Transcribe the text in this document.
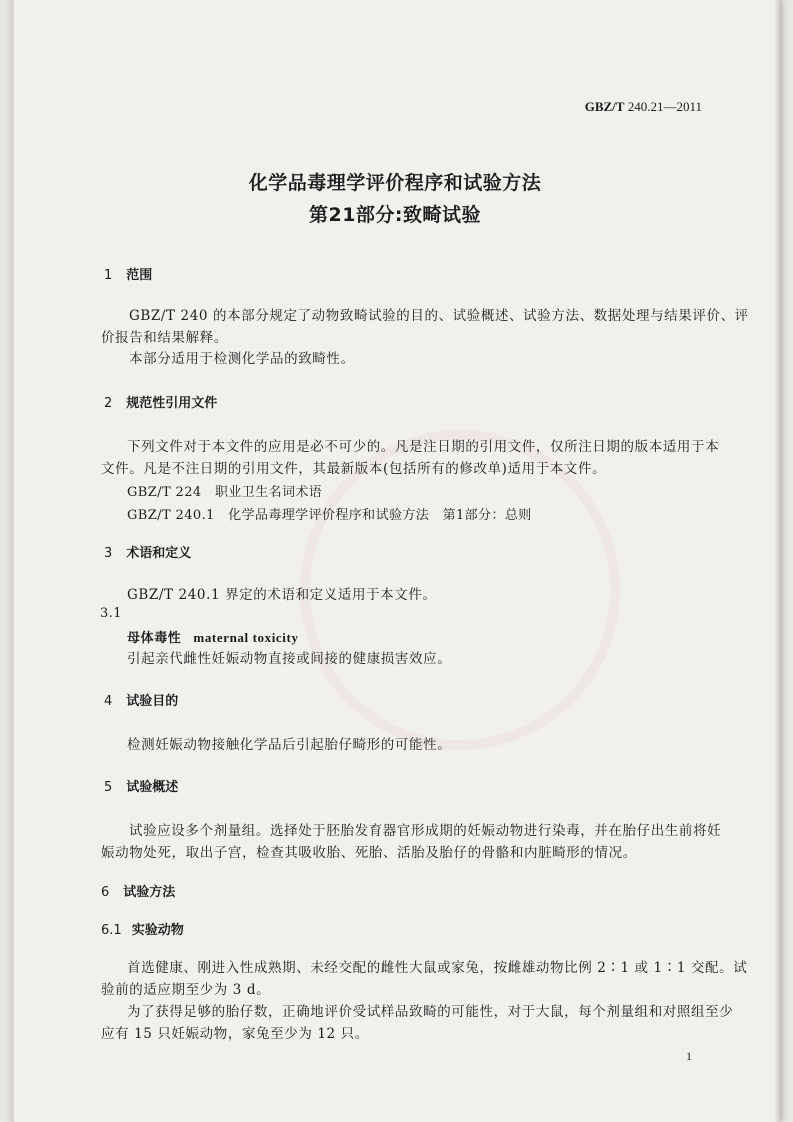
GBZ/T 240.21—2011
化学品毒理学评价程序和试验方法
第21部分:致畸试验
1 范围
GBZ/T 240 的本部分规定了动物致畸试验的目的、试验概述、试验方法、数据处理与结果评价、评
价报告和结果解释。
本部分适用于检测化学品的致畸性。
2 规范性引用文件
下列文件对于本文件的应用是必不可少的。凡是注日期的引用文件，仅所注日期的版本适用于本
文件。凡是不注日期的引用文件，其最新版本(包括所有的修改单)适用于本文件。
GBZ/T 224　职业卫生名词术语
GBZ/T 240.1　化学品毒理学评价程序和试验方法　第1部分：总则
3 术语和定义
GBZ/T 240.1 界定的术语和定义适用于本文件。
3.1
母体毒性 maternal toxicity
引起亲代雌性妊娠动物直接或间接的健康损害效应。
4 试验目的
检测妊娠动物接触化学品后引起胎仔畸形的可能性。
5 试验概述
试验应设多个剂量组。选择处于胚胎发育器官形成期的妊娠动物进行染毒，并在胎仔出生前将妊
娠动物处死，取出子宫，检查其吸收胎、死胎、活胎及胎仔的骨骼和内脏畸形的情况。
6 试验方法
6.1 实验动物
首选健康、刚进入性成熟期、未经交配的雌性大鼠或家兔，按雌雄动物比例 2∶1 或 1∶1 交配。试
验前的适应期至少为 3 d。
为了获得足够的胎仔数，正确地评价受试样品致畸的可能性，对于大鼠，每个剂量组和对照组至少
应有 15 只妊娠动物，家兔至少为 12 只。
1
